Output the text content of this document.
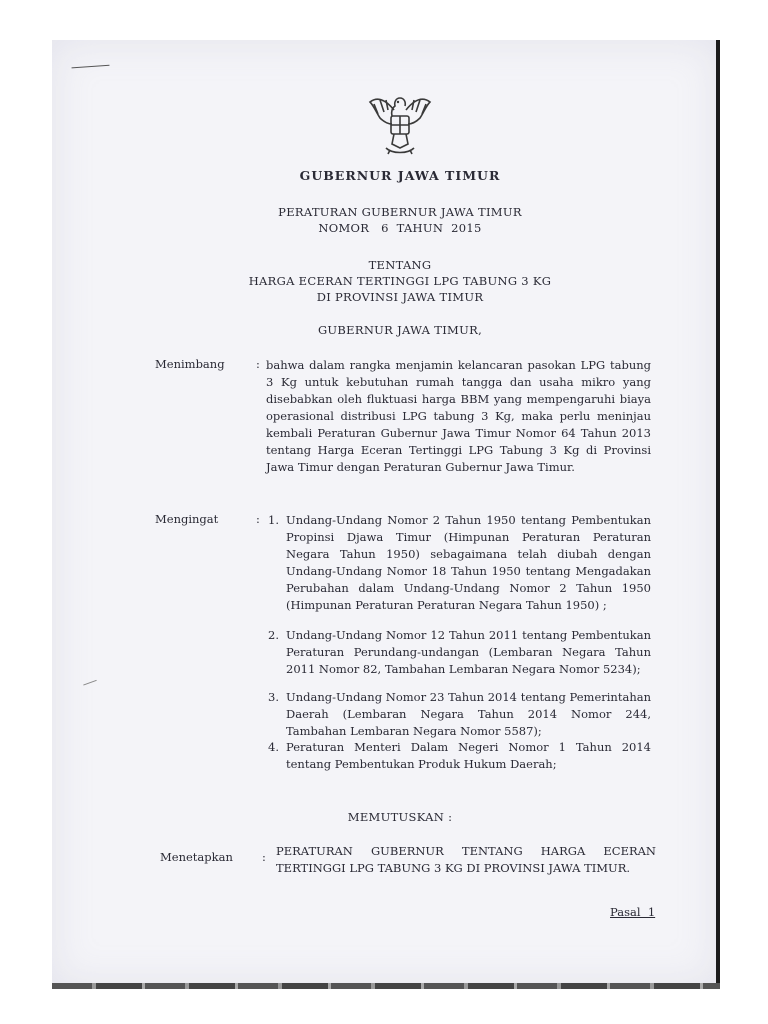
GUBERNUR JAWA TIMUR
PERATURAN GUBERNUR JAWA TIMUR
NOMOR   6  TAHUN  2015
TENTANG
HARGA ECERAN TERTINGGI LPG TABUNG 3 KG
DI PROVINSI JAWA TIMUR
GUBERNUR JAWA TIMUR,
Menimbang	: bahwa dalam rangka menjamin kelancaran pasokan LPG tabung 3 Kg untuk kebutuhan rumah tangga dan usaha mikro yang disebabkan oleh fluktuasi harga BBM yang mempengaruhi biaya operasional distribusi LPG tabung 3 Kg, maka perlu meninjau kembali Peraturan Gubernur Jawa Timur Nomor 64 Tahun 2013 tentang Harga Eceran Tertinggi LPG Tabung 3 Kg di Provinsi Jawa Timur dengan Peraturan Gubernur Jawa Timur.
Mengingat	: 1. Undang-Undang Nomor 2 Tahun 1950 tentang Pembentukan Propinsi Djawa Timur (Himpunan Peraturan Peraturan Negara Tahun 1950) sebagaimana telah diubah dengan Undang-Undang Nomor 18 Tahun 1950 tentang Mengadakan Perubahan dalam Undang-Undang Nomor 2 Tahun 1950 (Himpunan Peraturan Peraturan Negara Tahun 1950) ;
2. Undang-Undang Nomor 12 Tahun 2011 tentang Pembentukan Peraturan Perundang-undangan (Lembaran Negara Tahun 2011 Nomor 82, Tambahan Lembaran Negara Nomor 5234);
3. Undang-Undang Nomor 23 Tahun 2014 tentang Pemerintahan Daerah (Lembaran Negara Tahun 2014 Nomor 244, Tambahan Lembaran Negara Nomor 5587);
4. Peraturan Menteri Dalam Negeri Nomor 1 Tahun 2014 tentang Pembentukan Produk Hukum Daerah;
MEMUTUSKAN :
Menetapkan	: PERATURAN GUBERNUR TENTANG HARGA ECERAN TERTINGGI LPG TABUNG 3 KG DI PROVINSI JAWA TIMUR.
Pasal  1
